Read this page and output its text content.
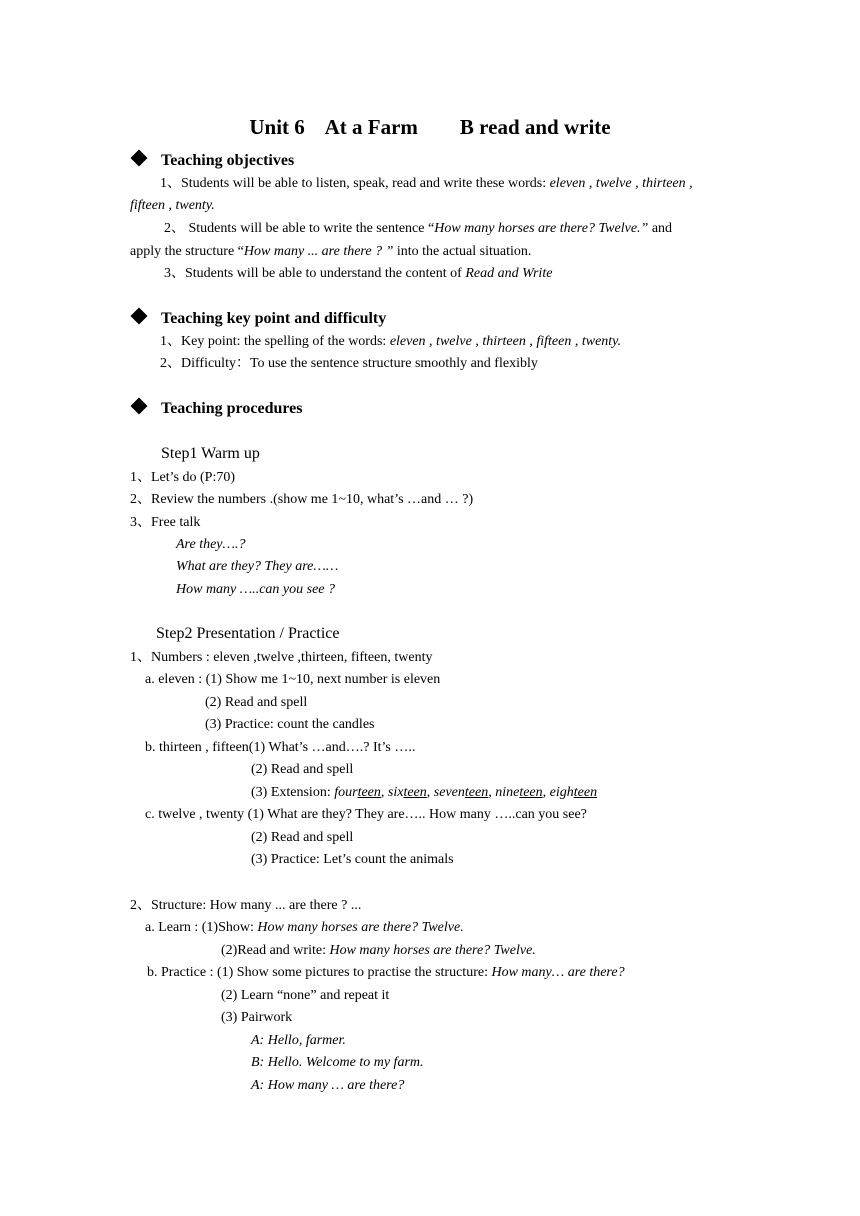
Unit 6    At a Farm        B read and write
Teaching objectives
1、Students will be able to listen, speak, read and write these words: eleven , twelve , thirteen ,
fifteen , twenty.
2、 Students will be able to write the sentence “How many horses are there? Twelve.” and
apply the structure “How many ... are there ? ” into the actual situation.
3、Students will be able to understand the content of Read and Write
Teaching key point and difficulty
1、Key point: the spelling of the words: eleven , twelve , thirteen , fifteen , twenty.
2、Difficulty：To use the sentence structure smoothly and flexibly
Teaching procedures
Step1 Warm up
1、Let’s do (P:70)
2、Review the numbers .(show me 1~10, what’s …and … ?)
3、Free talk
Are they….?
What are they? They are……
How many …..can you see ?
Step2 Presentation / Practice
1、Numbers : eleven ,twelve ,thirteen, fifteen, twenty
a. eleven : (1) Show me 1~10, next number is eleven
(2) Read and spell
(3) Practice: count the candles
b. thirteen , fifteen(1) What’s …and….? It’s …..
(2) Read and spell
(3) Extension: fourteen, sixteen, seventeen, nineteen, eighteen
c. twelve , twenty (1) What are they? They are….. How many …..can you see?
(2) Read and spell
(3) Practice: Let’s count the animals
2、Structure: How many ... are there ? ...
a. Learn : (1)Show: How many horses are there? Twelve.
(2)Read and write: How many horses are there? Twelve.
b. Practice : (1) Show some pictures to practise the structure: How many… are there?
(2) Learn “none” and repeat it
(3) Pairwork
A: Hello, farmer.
B: Hello. Welcome to my farm.
A: How many … are there?
